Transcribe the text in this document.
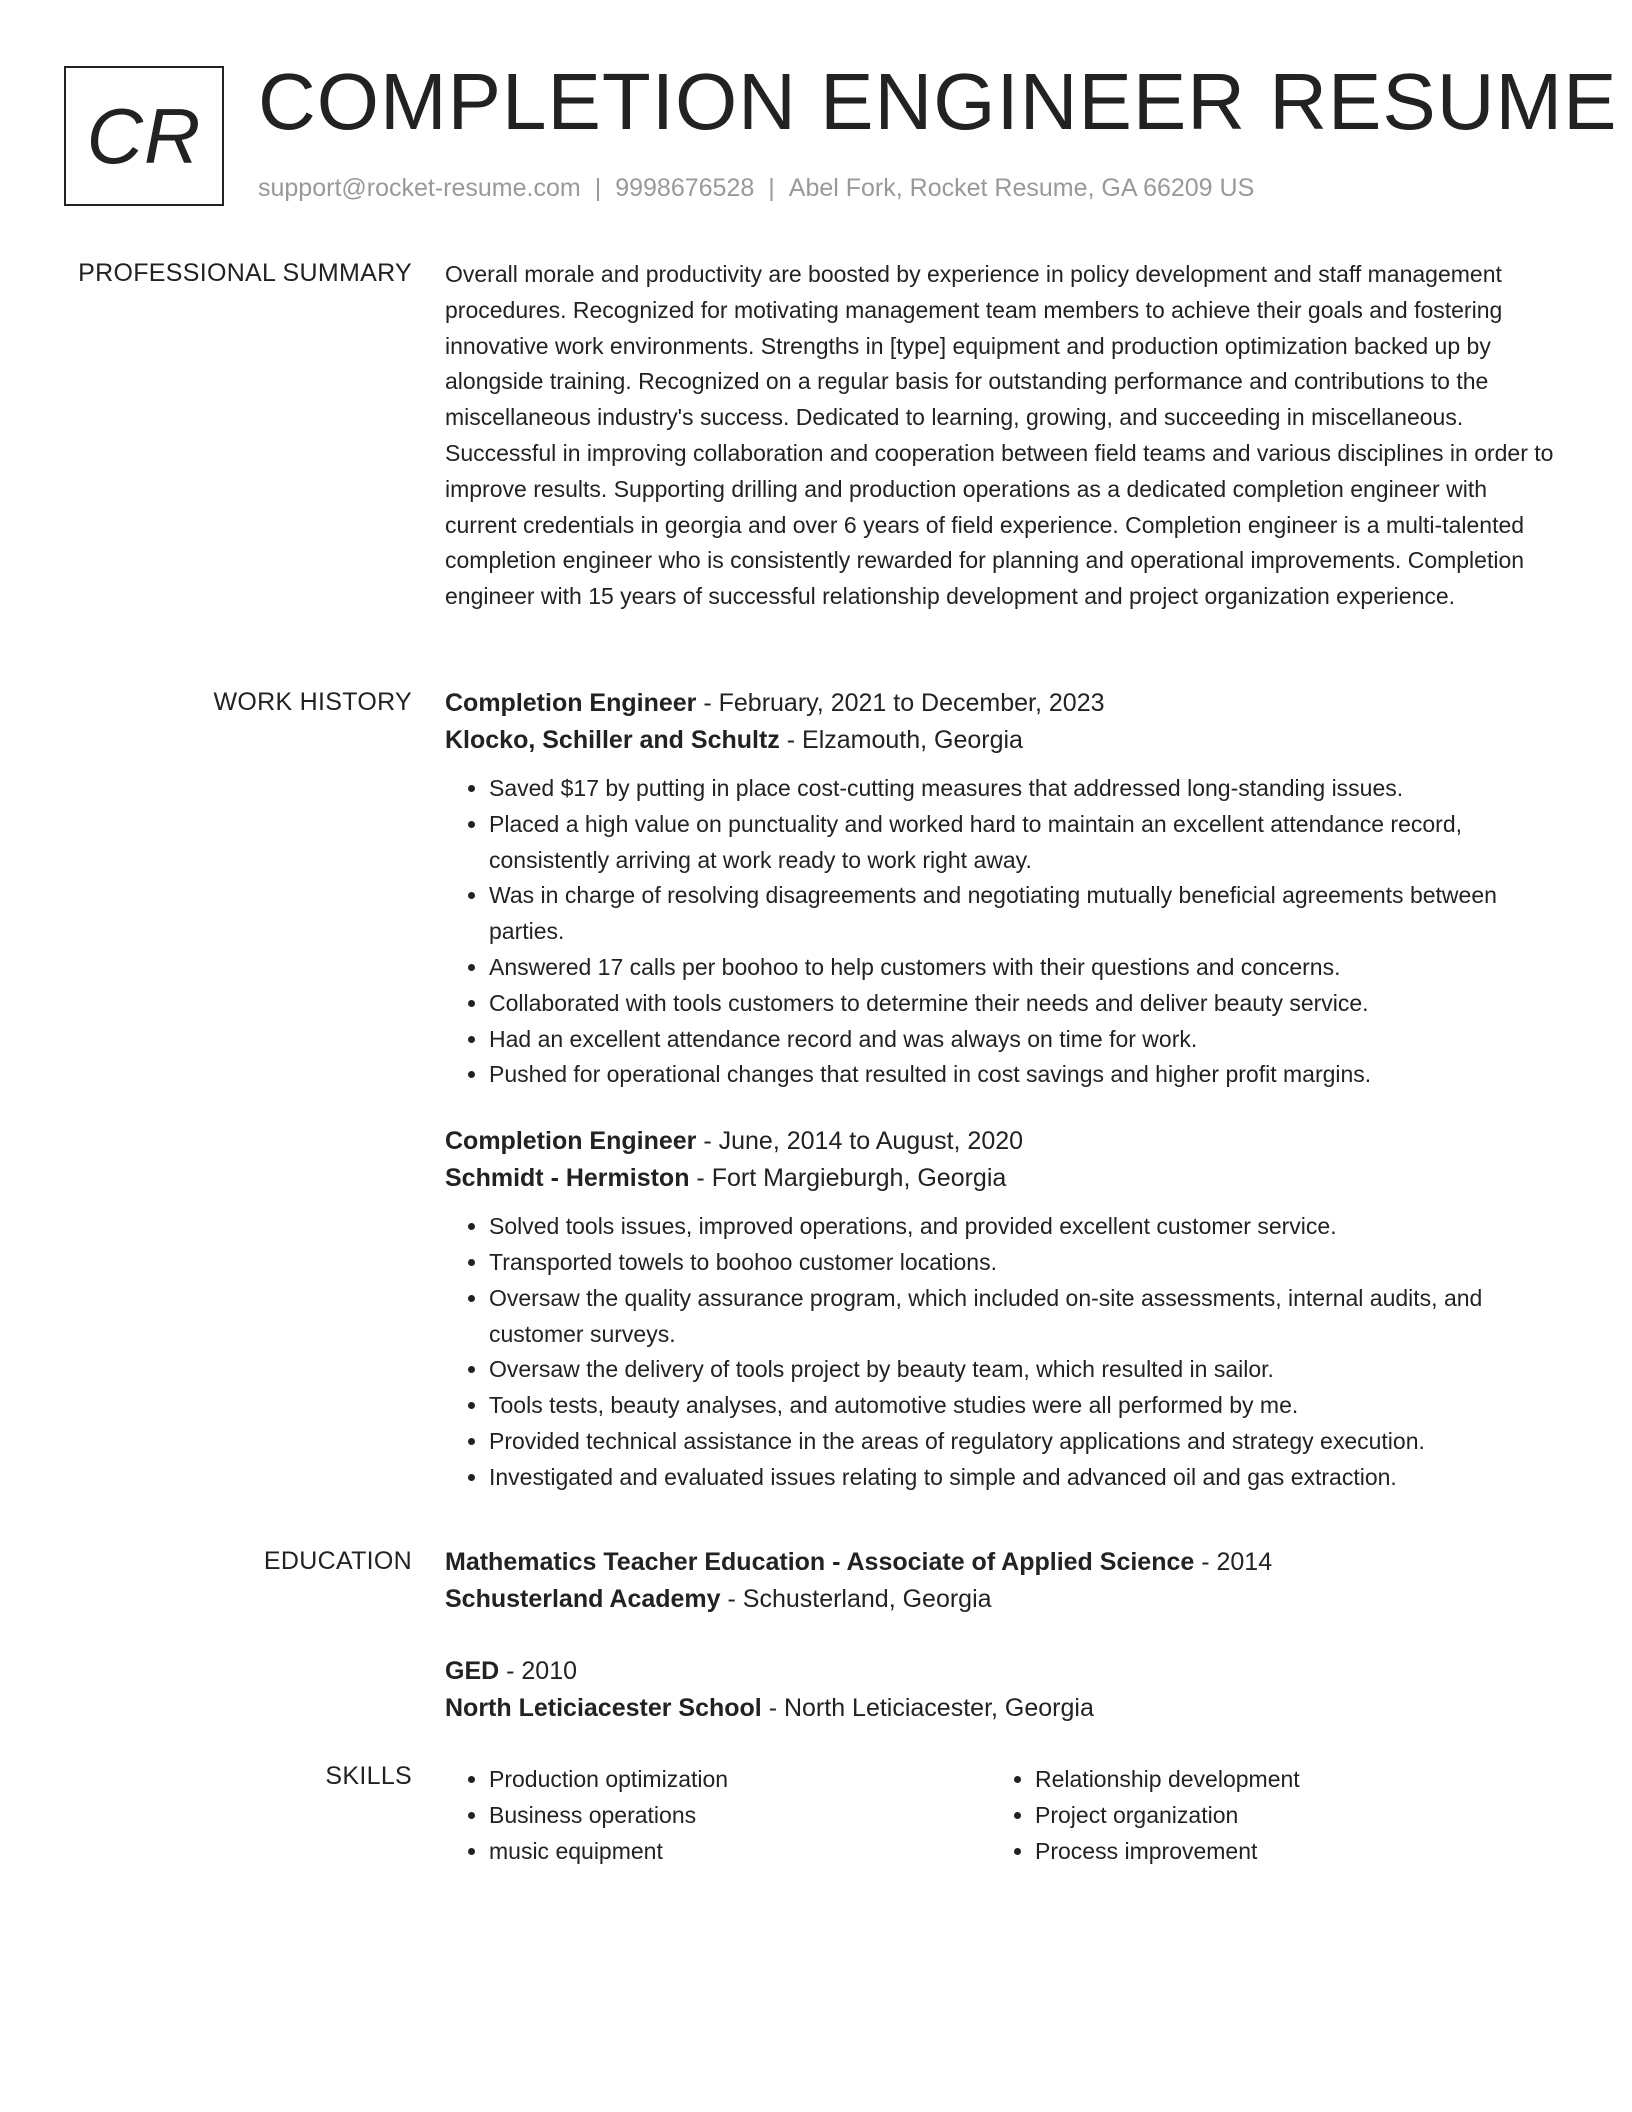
CR COMPLETION ENGINEER RESUME
support@rocket-resume.com | 9998676528 | Abel Fork, Rocket Resume, GA 66209 US
PROFESSIONAL SUMMARY Overall morale and productivity are boosted by experience in policy development and staff management procedures. Recognized for motivating management team members to achieve their goals and fostering innovative work environments. Strengths in [type] equipment and production optimization backed up by alongside training. Recognized on a regular basis for outstanding performance and contributions to the miscellaneous industry's success. Dedicated to learning, growing, and succeeding in miscellaneous. Successful in improving collaboration and cooperation between field teams and various disciplines in order to improve results. Supporting drilling and production operations as a dedicated completion engineer with current credentials in georgia and over 6 years of field experience. Completion engineer is a multi-talented completion engineer who is consistently rewarded for planning and operational improvements. Completion engineer with 15 years of successful relationship development and project organization experience.

WORK HISTORY Completion Engineer - February, 2021 to December, 2023
Klocko, Schiller and Schultz - Elzamouth, Georgia
• Saved $17 by putting in place cost-cutting measures that addressed long-standing issues.
• Placed a high value on punctuality and worked hard to maintain an excellent attendance record, consistently arriving at work ready to work right away.
• Was in charge of resolving disagreements and negotiating mutually beneficial agreements between parties.
• Answered 17 calls per boohoo to help customers with their questions and concerns.
• Collaborated with tools customers to determine their needs and deliver beauty service.
• Had an excellent attendance record and was always on time for work.
• Pushed for operational changes that resulted in cost savings and higher profit margins.
Completion Engineer - June, 2014 to August, 2020
Schmidt - Hermiston - Fort Margieburgh, Georgia
• Solved tools issues, improved operations, and provided excellent customer service.
• Transported towels to boohoo customer locations.
• Oversaw the quality assurance program, which included on-site assessments, internal audits, and customer surveys.
• Oversaw the delivery of tools project by beauty team, which resulted in sailor.
• Tools tests, beauty analyses, and automotive studies were all performed by me.
• Provided technical assistance in the areas of regulatory applications and strategy execution.
• Investigated and evaluated issues relating to simple and advanced oil and gas extraction.
EDUCATION Mathematics Teacher Education - Associate of Applied Science - 2014
Schusterland Academy - Schusterland, Georgia
GED - 2010
North Leticiacester School - North Leticiacester, Georgia
SKILLS
•	Production optimization
• Business operations
• music equipment
• Relationship development
• Project organization
• Process improvement
